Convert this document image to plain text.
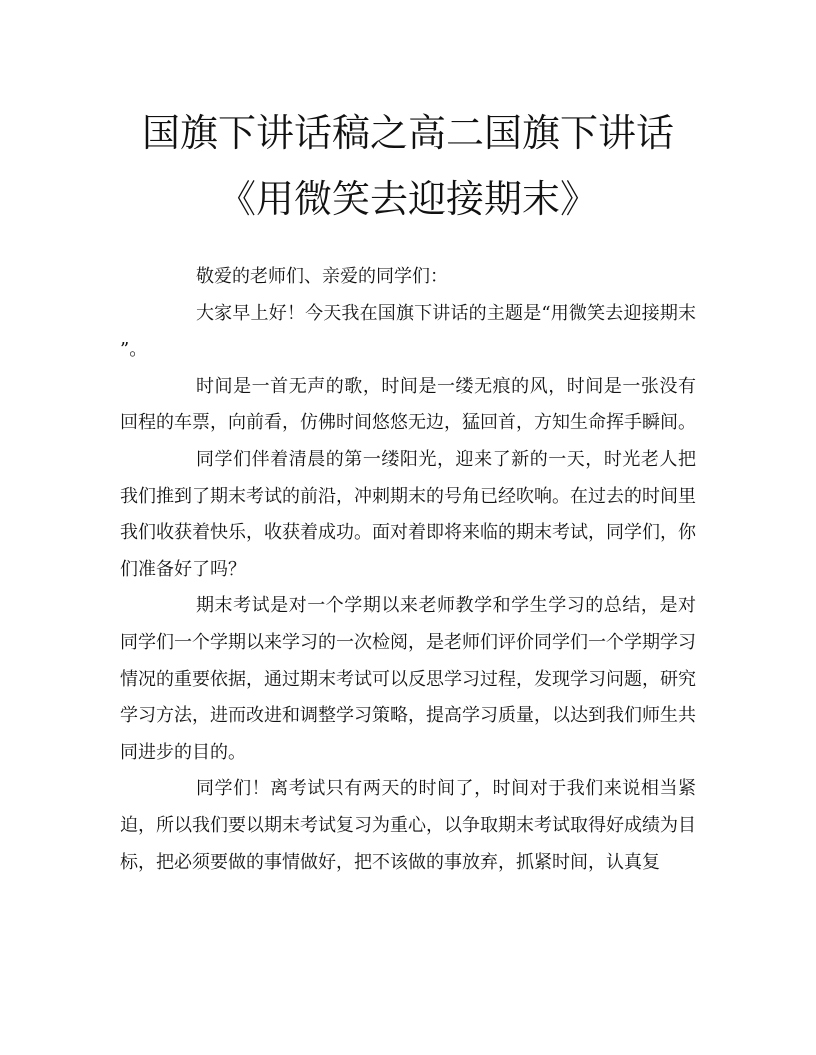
国旗下讲话稿之高二国旗下讲话《用微笑去迎接期末》

敬爱的老师们、亲爱的同学们：

大家早上好！今天我在国旗下讲话的主题是“用微笑去迎接期末 ”。

时间是一首无声的歌，时间是一缕无痕的风，时间是一张没有回程的车票，向前看，仿佛时间悠悠无边，猛回首，方知生命挥手瞬间。

同学们伴着清晨的第一缕阳光，迎来了新的一天，时光老人把我们推到了期末考试的前沿，冲刺期末的号角已经吹响。在过去的时间里我们收获着快乐，收获着成功。面对着即将来临的期末考试，同学们，你们准备好了吗？

期末考试是对一个学期以来老师教学和学生学习的总结，是对同学们一个学期以来学习的一次检阅，是老师们评价同学们一个学期学习情况的重要依据，通过期末考试可以反思学习过程，发现学习问题，研究学习方法，进而改进和调整学习策略，提高学习质量，以达到我们师生共同进步的目的。

同学们！离考试只有两天的时间了，时间对于我们来说相当紧迫，所以我们要以期末考试复习为重心，以争取期末考试取得好成绩为目标，把必须要做的事情做好，把不该做的事放弃，抓紧时间，认真复
